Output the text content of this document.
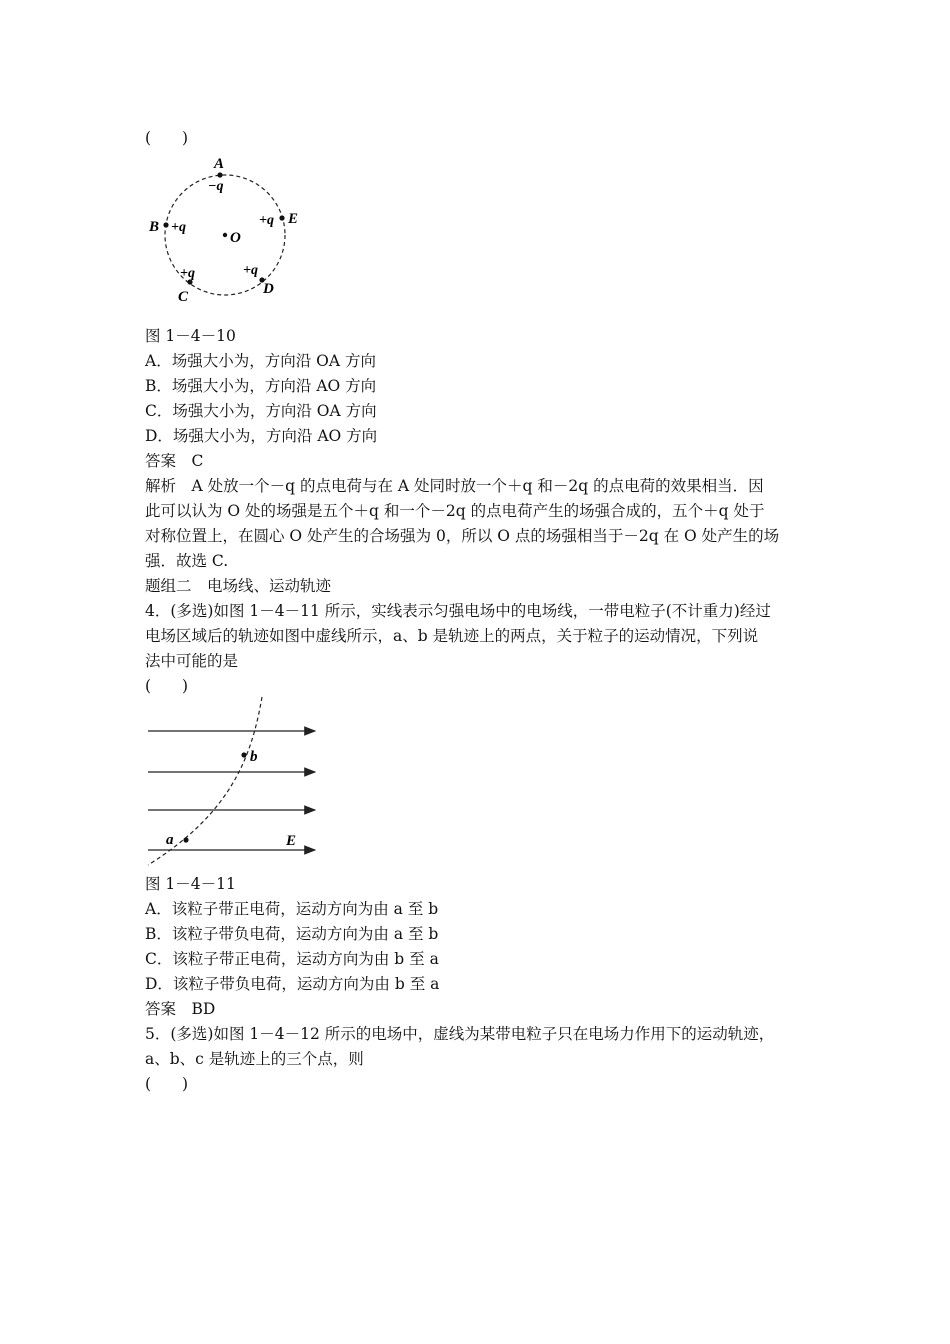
(　　)
A
−q
B +q	+q E
O
+q
C
+q
D
图 1－4－10
A．场强大小为，方向沿 OA 方向
B．场强大小为，方向沿 AO 方向
C．场强大小为，方向沿 OA 方向
D．场强大小为，方向沿 AO 方向
答案　C
解析　A 处放一个－q 的点电荷与在 A 处同时放一个＋q 和－2q 的点电荷的效果相当．因
此可以认为 O 处的场强是五个＋q 和一个－2q 的点电荷产生的场强合成的，五个＋q 处于
对称位置上，在圆心 O 处产生的合场强为 0，所以 O 点的场强相当于－2q 在 O 处产生的场
强．故选 C.
题组二　电场线、运动轨迹
4．(多选)如图 1－4－11 所示，实线表示匀强电场中的电场线，一带电粒子(不计重力)经过
电场区域后的轨迹如图中虚线所示，a、b 是轨迹上的两点，关于粒子的运动情况，下列说
法中可能的是
(　　)
b
a	E
图 1－4－11
A．该粒子带正电荷，运动方向为由 a 至 b
B．该粒子带负电荷，运动方向为由 a 至 b
C．该粒子带正电荷，运动方向为由 b 至 a
D．该粒子带负电荷，运动方向为由 b 至 a
答案　BD
5．(多选)如图 1－4－12 所示的电场中，虚线为某带电粒子只在电场力作用下的运动轨迹，
a、b、c 是轨迹上的三个点，则
(　　)
